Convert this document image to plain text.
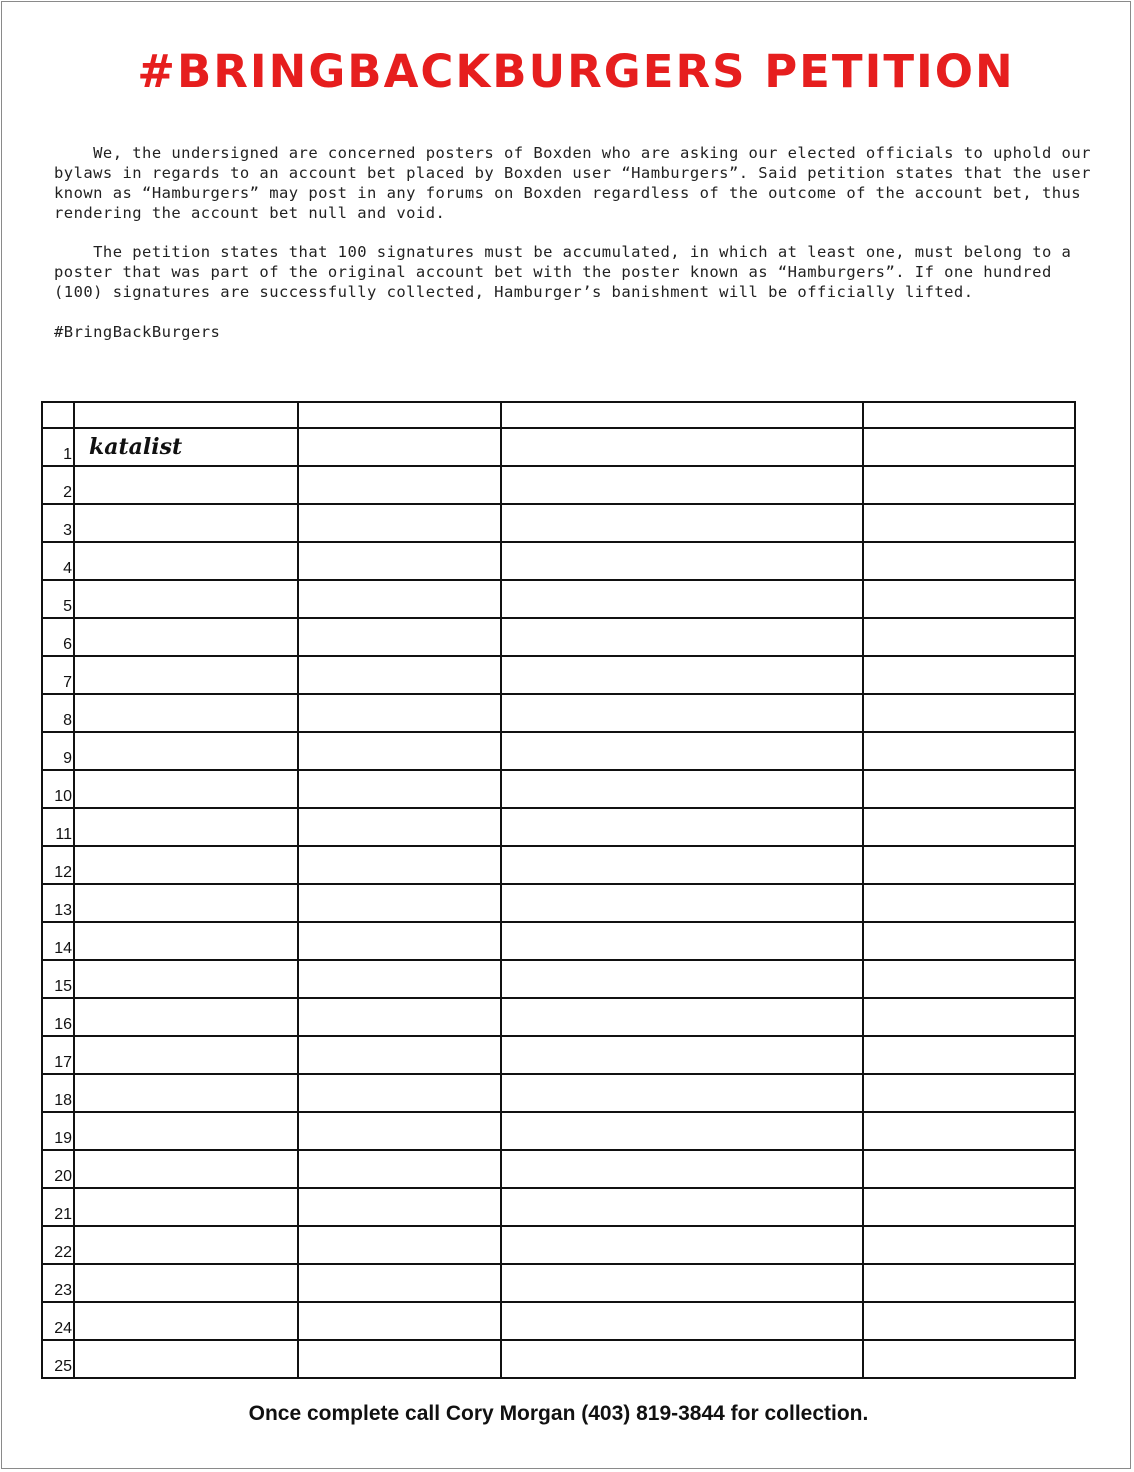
#BRINGBACKBURGERS PETITION

We, the undersigned are concerned posters of Boxden who are asking our elected officials to uphold our bylaws in regards to an account bet placed by Boxden user “Hamburgers”. Said petition states that the user known as “Hamburgers” may post in any forums on Boxden regardless of the outcome of the account bet, thus rendering the account bet null and void.

The petition states that 100 signatures must be accumulated, in which at least one, must belong to a poster that was part of the original account bet with the poster known as “Hamburgers”. If one hundred (100) signatures are successfully collected, Hamburger’s banishment will be officially lifted.

#BringBackBurgers

1	katalist			
2				
3				
4				
5				
6				
7				
8				
9				
10				
11				
12				
13				
14				
15				
16				
17				
18				
19				
20				
21				
22				
23				
24				
25				

Once complete call Cory Morgan (403) 819-3844 for collection.
